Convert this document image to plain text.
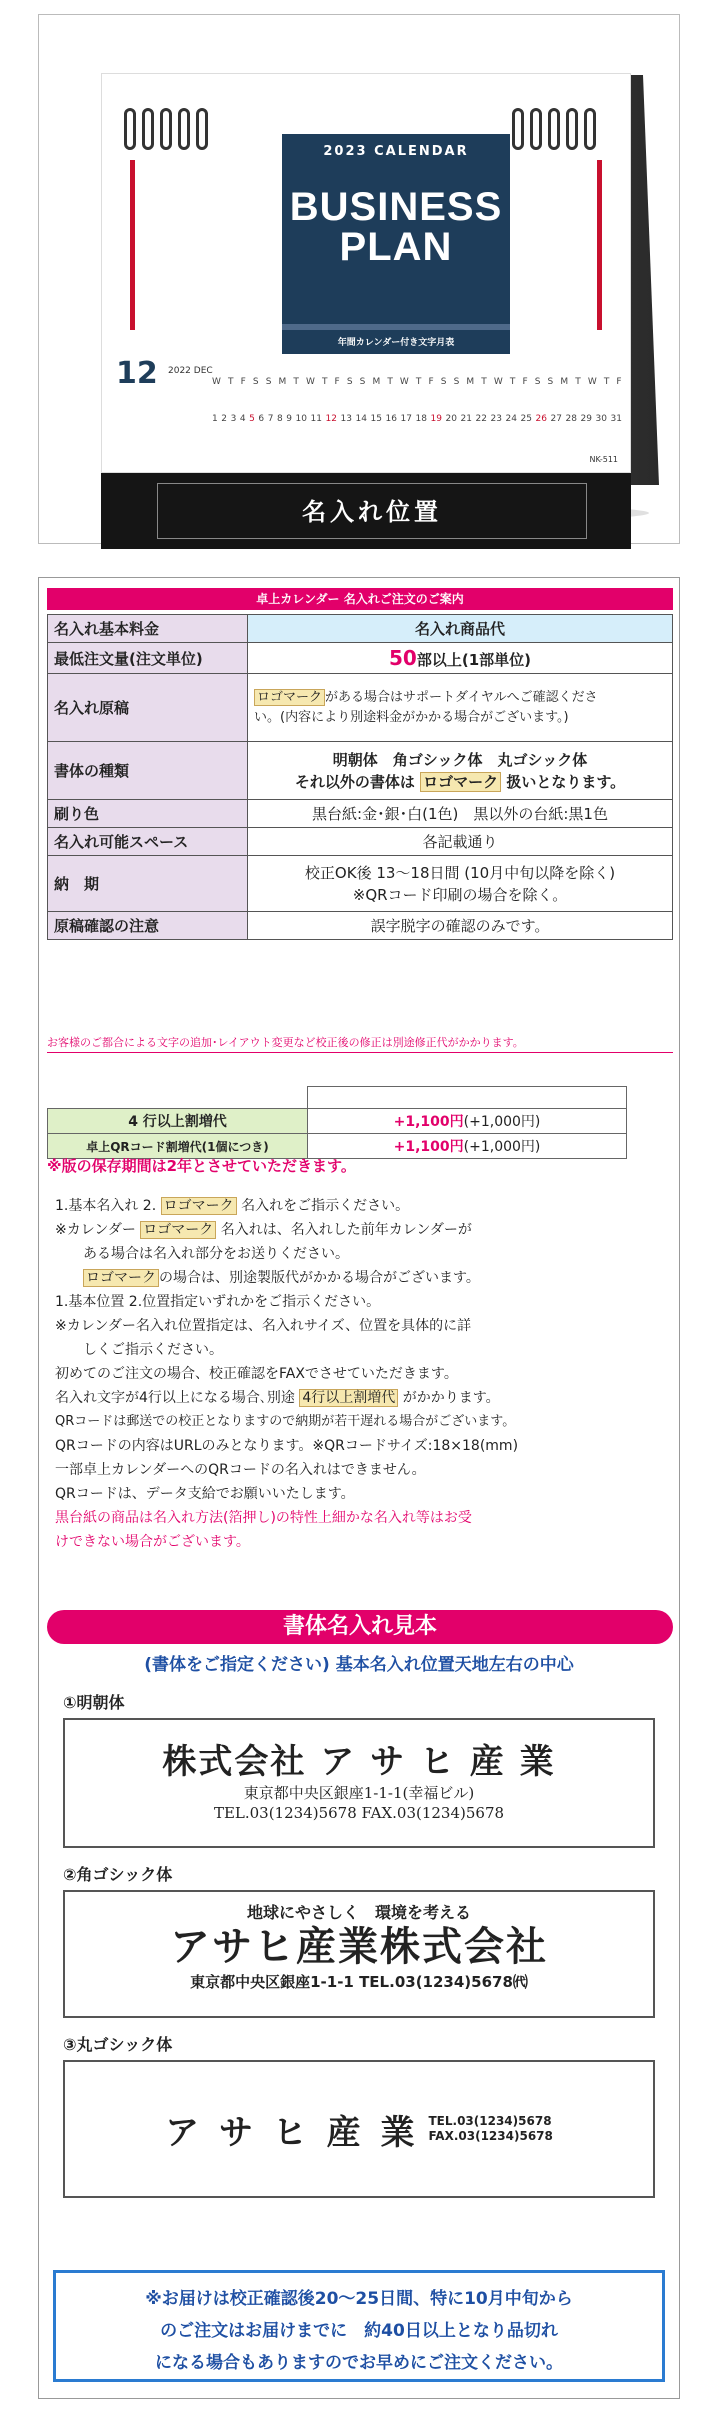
2023 CALENDAR
BUSINESS
PLAN
年間カレンダー付き文字月表
12 2022 DEC
W T F S S M T W T F S S M T W T F S S M T W T F S S M T W T F
1 2 3 4 5 6 7 8 9 10 11 12 13 14 15 16 17 18 19 20 21 22 23 24 25 26 27 28 29 30 31
NK-511
名入れ位置
卓上カレンダー 名入れご注文のご案内
名入れ基本料金	名入れ商品代
最低注文量(注文単位)	50部以上(1部単位)
名入れ原稿	ロゴマーク がある場合はサポートダイヤルへご確認くださ
い。(内容により別途料金がかかる場合がございます。)
書体の種類	明朝体　 角ゴシック体　丸ゴシック体
それ以外の書体は ロゴマーク 扱いとなります。
刷り色	黒台紙:金･銀･白(1色)　黒以外の台紙:黒1色
名入れ可能スペース	各記載通り
納　期	校正OK後 13～18日間 (10月中旬以降を除く)
※QRコード印刷の場合を除く。
原稿確認の注意	誤字脱字の確認のみです。
お客様のご都合による文字の追加･レイアウト変更など校正後の修正は別途修正代がかかります。

4 行以上割増代	+1,100円(+1,000円)
卓上QRコード割増代(1個につき)	+1,100円(+1,000円)
※版の保存期間は2年とさせていただきます。
1.基本名入れ 2. ロゴマーク 名入れをご指示ください。
※カレンダー ロゴマーク 名入れは、名入れした前年カレンダーが
ある場合は名入れ部分をお送りください。
ロゴマーク の場合は、別途製版代がかかる場合がございます。
1.基本位置 2.位置指定いずれかをご指示ください。
※カレンダー名入れ位置指定は、名入れサイズ、位置を具体的に詳
しくご指示ください。
初めてのご注文の場合、校正確認をFAXでさせていただきます。
名入れ文字が4行以上になる場合､別途 4行以上割増代 がかかります。
QRコードは郵送での校正となりますので納期が若干遅れる場合がございます。
QRコードの内容はURLのみとなります。※QRコードサイズ:18×18(mm)
一部卓上カレンダーへのQRコードの名入れはできません。
QRコードは、データ支給でお願いいたします。
黒台紙の商品は名入れ方法(箔押し)の特性上細かな名入れ等はお受
けできない場合がございます。
書体名入れ見本
(書体をご指定ください) 基本名入れ位置天地左右の中心
①明朝体
株式会社 ア サ ヒ 産 業
東京都中央区銀座1-1-1(幸福ビル)
TEL.03(1234)5678 FAX.03(1234)5678
②角ゴシック体
地球にやさしく　環境を考える
アサヒ産業株式会社
東京都中央区銀座1-1-1 TEL.03(1234)5678㈹
③丸ゴシック体
ア サ ヒ 産 業 TEL.03(1234)5678
FAX.03(1234)5678
※お届けは校正確認後20～25日間、特に10月中旬から
のご注文はお届けまでに　約40日以上となり品切れ
になる場合もありますのでお早めにご注文ください。
